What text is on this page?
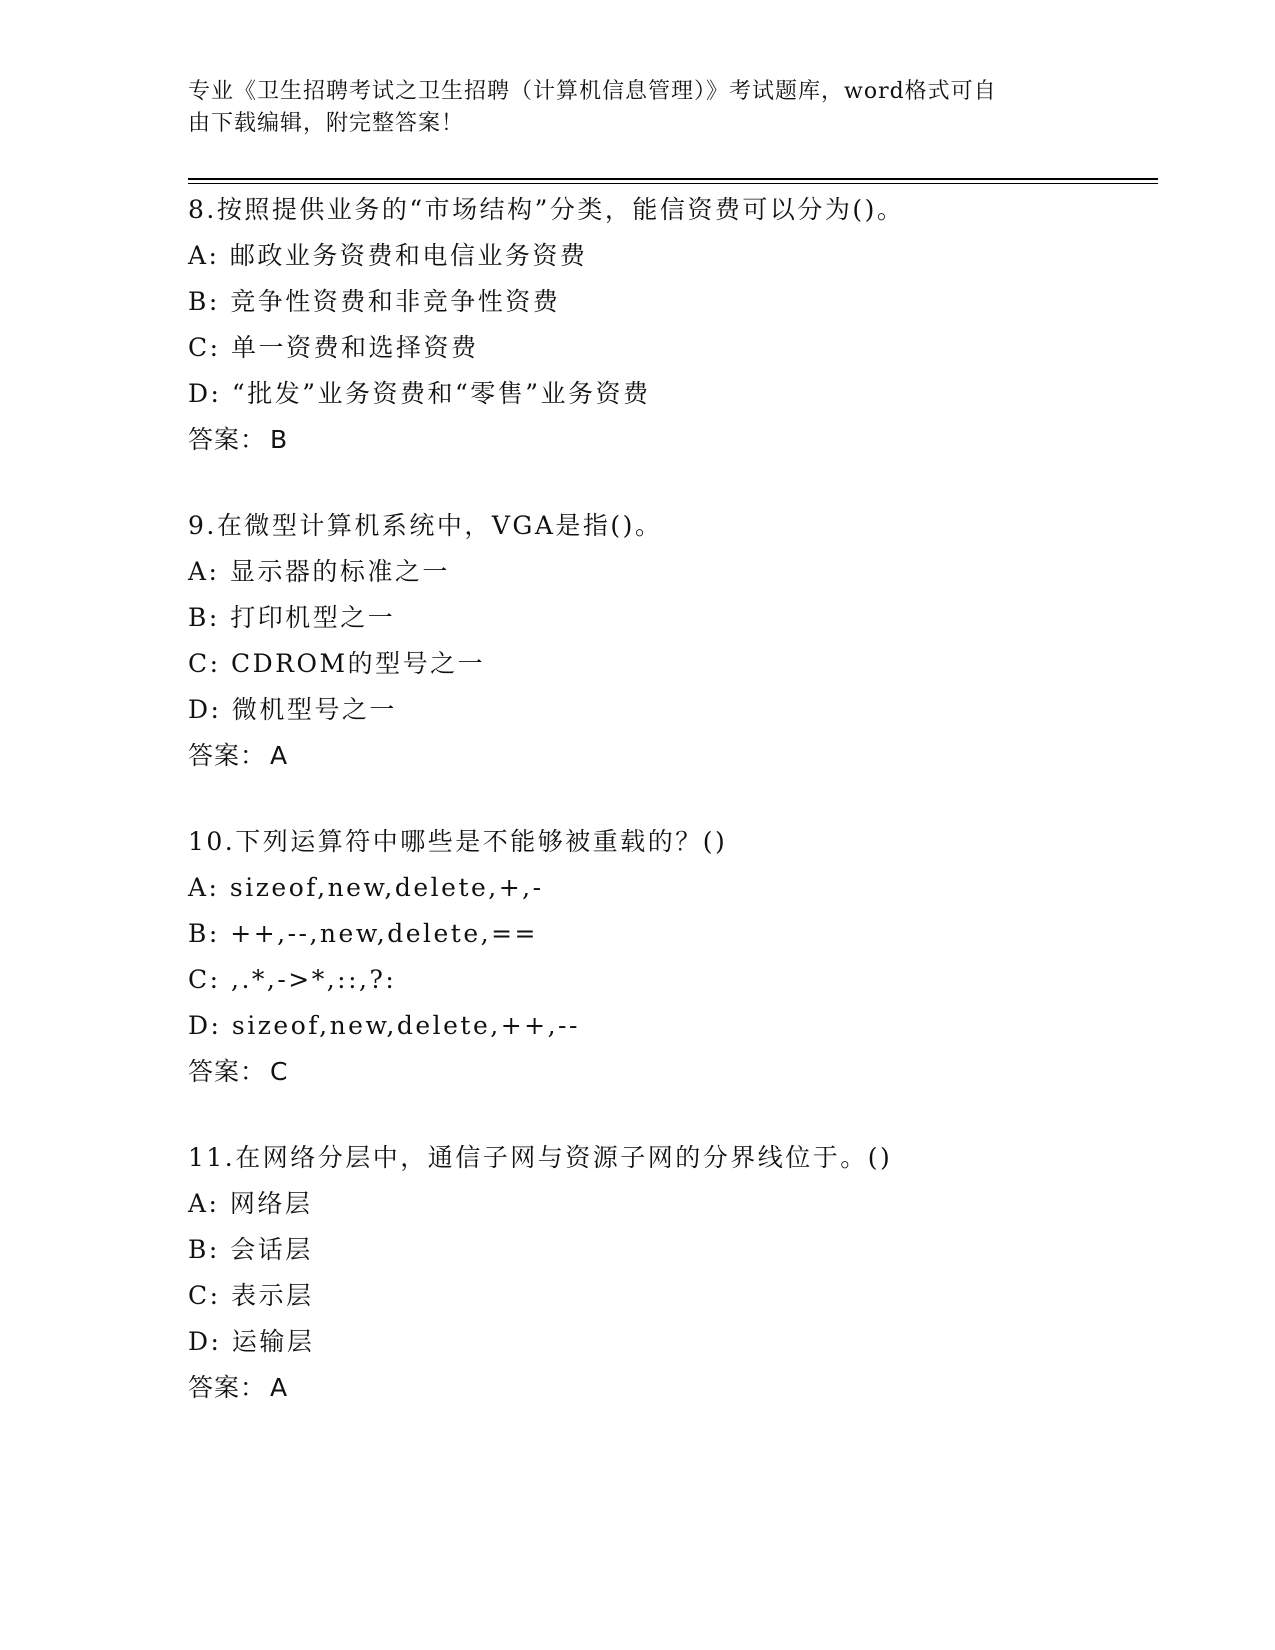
专业《卫生招聘考试之卫生招聘（计算机信息管理）》考试题库，word格式可自
由下载编辑，附完整答案！
8.按照提供业务的“市场结构”分类，能信资费可以分为()。
A: 邮政业务资费和电信业务资费
B: 竞争性资费和非竞争性资费
C: 单一资费和选择资费
D: “批发”业务资费和“零售”业务资费
答案： B
9.在微型计算机系统中，VGA是指()。
A: 显示器的标准之一
B: 打印机型之一
C: CDROM的型号之一
D: 微机型号之一
答案： A
10.下列运算符中哪些是不能够被重载的？()
A: sizeof,new,delete,+,-
B: ++,--,new,delete,==
C: ,.*,->*,::,?:
D: sizeof,new,delete,++,--
答案： C
11.在网络分层中，通信子网与资源子网的分界线位于。()
A: 网络层
B: 会话层
C: 表示层
D: 运输层
答案： A
